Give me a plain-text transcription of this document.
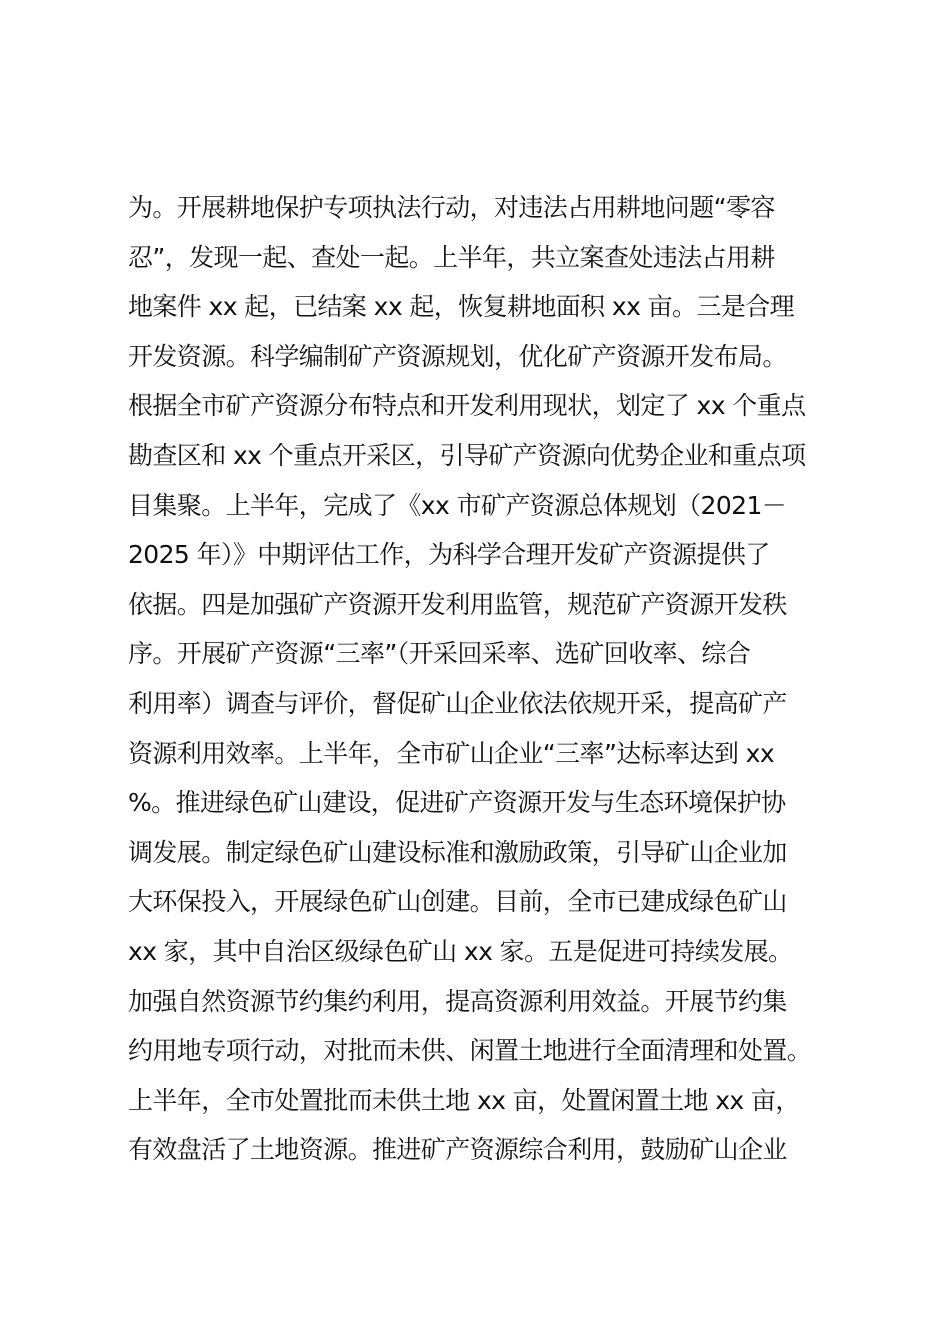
为。开展耕地保护专项执法行动，对违法占用耕地问题“零容
忍”，发现一起、查处一起。上半年，共立案查处违法占用耕
地案件 xx 起，已结案 xx 起，恢复耕地面积 xx 亩。三是合理
开发资源。科学编制矿产资源规划，优化矿产资源开发布局。
根据全市矿产资源分布特点和开发利用现状，划定了 xx 个重点
勘查区和 xx 个重点开采区，引导矿产资源向优势企业和重点项
目集聚。上半年，完成了《xx 市矿产资源总体规划（2021－
2025 年）》中期评估工作，为科学合理开发矿产资源提供了
依据。四是加强矿产资源开发利用监管，规范矿产资源开发秩
序。开展矿产资源“三率”（开采回采率、选矿回收率、综合
利用率）调查与评价，督促矿山企业依法依规开采，提高矿产
资源利用效率。上半年，全市矿山企业“三率”达标率达到 xx
%。推进绿色矿山建设，促进矿产资源开发与生态环境保护协
调发展。制定绿色矿山建设标准和激励政策，引导矿山企业加
大环保投入，开展绿色矿山创建。目前，全市已建成绿色矿山
xx 家，其中自治区级绿色矿山 xx 家。五是促进可持续发展。
加强自然资源节约集约利用，提高资源利用效益。开展节约集
约用地专项行动，对批而未供、闲置土地进行全面清理和处置。
上半年，全市处置批而未供土地 xx 亩，处置闲置土地 xx 亩，
有效盘活了土地资源。推进矿产资源综合利用，鼓励矿山企业
